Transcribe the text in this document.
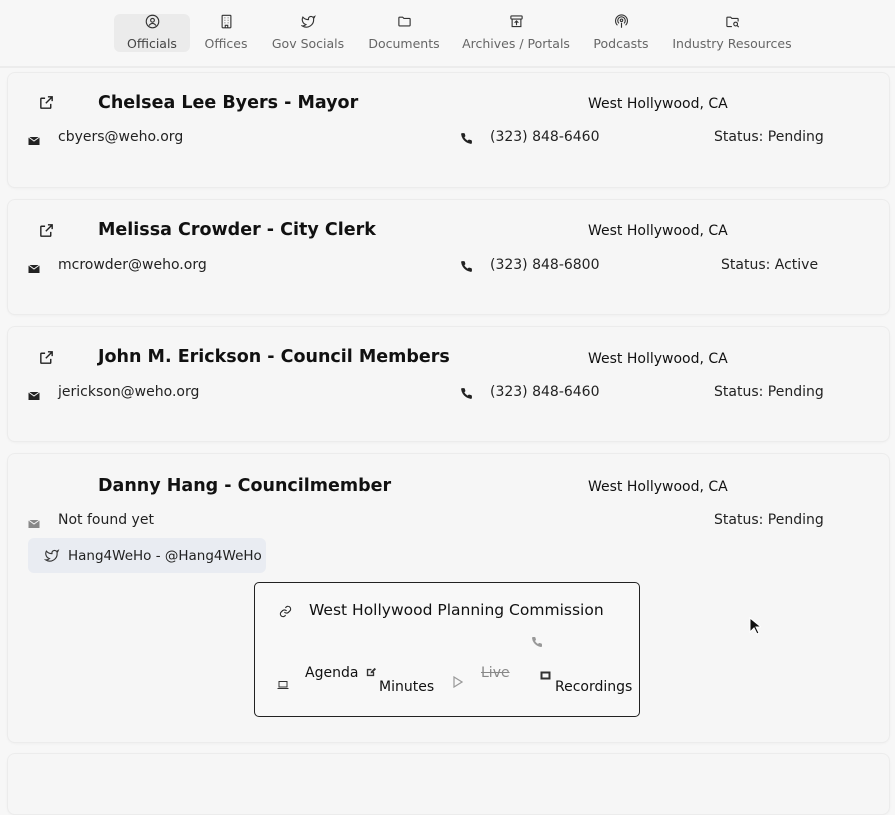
Officials	Offices	Gov Socials	Documents	Archives / Portals Podcasts Industry Resources
Chelsea Lee Byers - Mayor	West Hollywood, CA
cbyers@weho.org	(323) 848-6460	Status: Pending
Melissa Crowder - City Clerk	West Hollywood, CA
mcrowder@weho.org	(323) 848-6800	Status: Active
John M. Erickson - Council Members	West Hollywood, CA
jerickson@weho.org	(323) 848-6460	Status: Pending
Danny Hang - Councilmember	West Hollywood, CA
Not found yet	Status: Pending
Hang4WeHo - @Hang4WeHo
West Hollywood Planning Commission
Agenda
Minutes
Live
Recordings
